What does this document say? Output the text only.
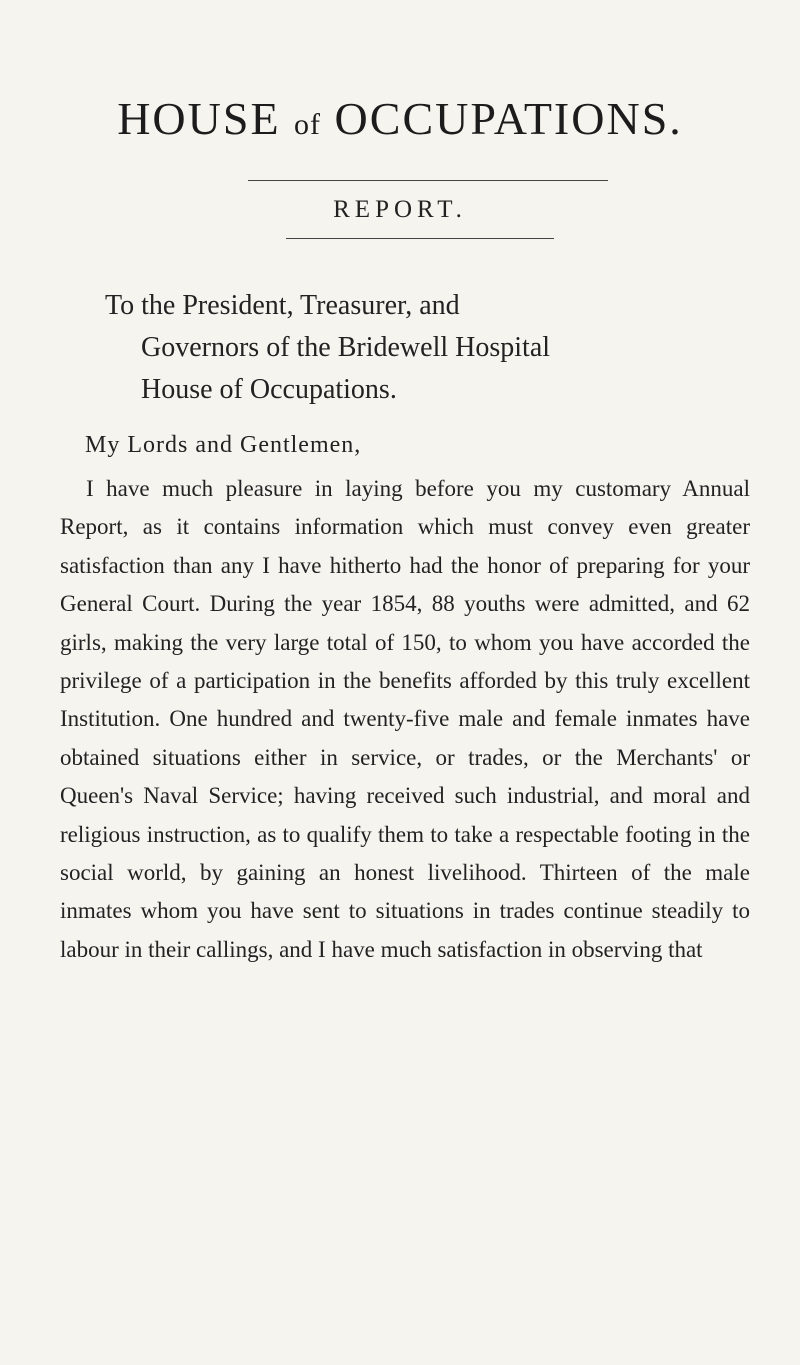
HOUSE of OCCUPATIONS.
REPORT.
To the President, Treasurer, and
Governors of the Bridewell Hospital
House of Occupations.
My Lords and Gentlemen,

I have much pleasure in laying before you my customary Annual Report, as it contains information which must convey even greater satisfaction than any I have hitherto had the honor of preparing for your General Court. During the year 1854, 88 youths were admitted, and 62 girls, making the very large total of 150, to whom you have accorded the privilege of a participation in the benefits afforded by this truly excellent Institution. One hundred and twenty-five male and female inmates have obtained situations either in service, or trades, or the Merchants' or Queen's Naval Service; having received such industrial, and moral and religious instruction, as to qualify them to take a respectable footing in the social world, by gaining an honest livelihood. Thirteen of the male inmates whom you have sent to situations in trades continue steadily to labour in their callings, and I have much satisfaction in observing that
